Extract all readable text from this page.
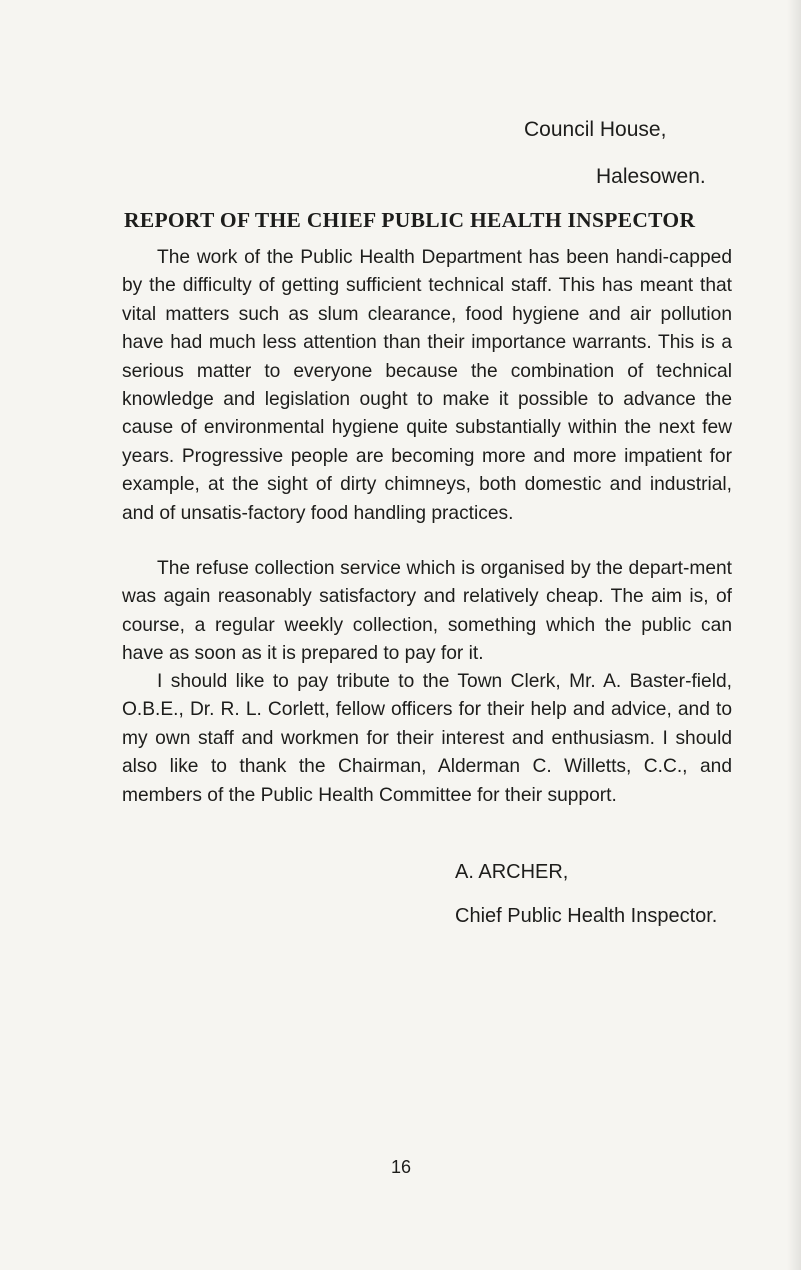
Council House,
Halesowen.
REPORT OF THE CHIEF PUBLIC HEALTH INSPECTOR

The work of the Public Health Department has been handi-capped by the difficulty of getting sufficient technical staff. This has meant that vital matters such as slum clearance, food hygiene and air pollution have had much less attention than their importance warrants. This is a serious matter to everyone because the combination of technical knowledge and legislation ought to make it possible to advance the cause of environmental hygiene quite substantially within the next few years. Progressive people are becoming more and more impatient for example, at the sight of dirty chimneys, both domestic and industrial, and of unsatis-factory food handling practices.

The refuse collection service which is organised by the depart-ment was again reasonably satisfactory and relatively cheap. The aim is, of course, a regular weekly collection, something which the public can have as soon as it is prepared to pay for it.

I should like to pay tribute to the Town Clerk, Mr. A. Baster-field, O.B.E., Dr. R. L. Corlett, fellow officers for their help and advice, and to my own staff and workmen for their interest and enthusiasm. I should also like to thank the Chairman, Alderman C. Willetts, C.C., and members of the Public Health Committee for their support.

A. ARCHER,
Chief Public Health Inspector.
16
